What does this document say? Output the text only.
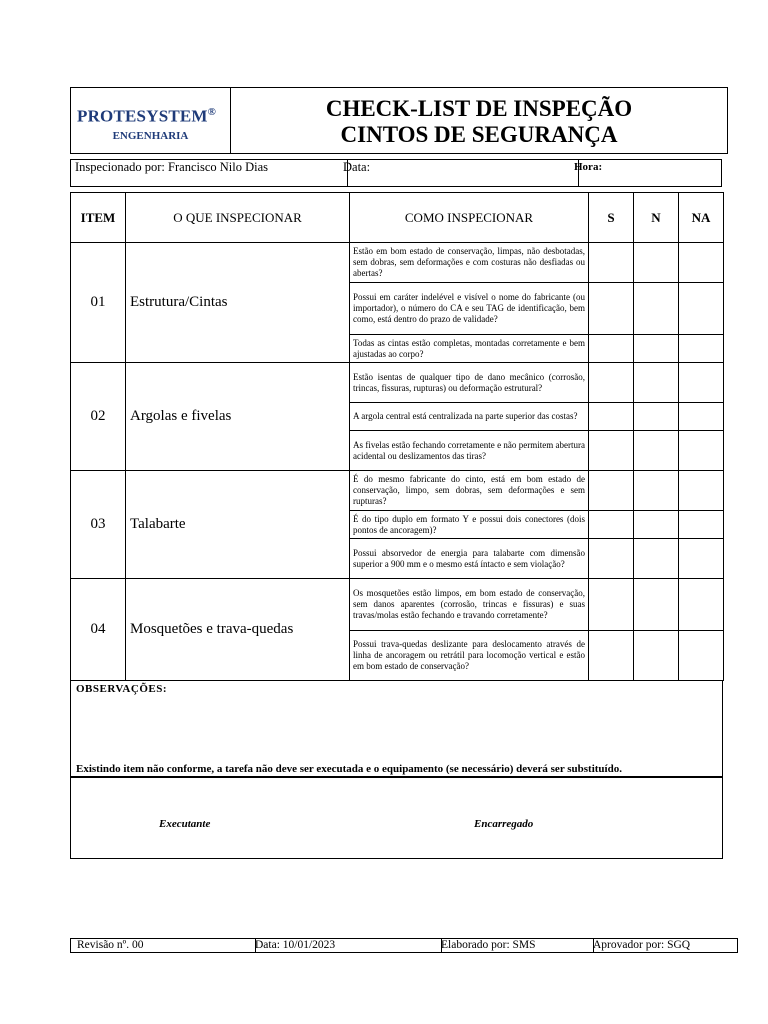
PROTESYSTEM®
ENGENHARIA
CHECK-LIST DE INSPEÇÃO
CINTOS DE SEGURANÇA
Inspecionado por: Francisco Nilo Dias	Data:	Hora:
ITEM	O QUE INSPECIONAR	COMO INSPECIONAR	S	N	NA
01	Estrutura/Cintas	Estão em bom estado de conservação, limpas, não desbotadas, sem dobras, sem deformações e com costuras não desfiadas ou abertas?			
		Possui em caráter indelével e visível o nome do fabricante (ou importador), o número do CA e seu TAG de identificação, bem como, está dentro do prazo de validade?			
		Todas as cintas estão completas, montadas corretamente e bem ajustadas ao corpo?			
02	Argolas e fivelas	Estão isentas de qualquer tipo de dano mecânico (corrosão, trincas, fissuras, rupturas) ou deformação estrutural?			
		A argola central está centralizada na parte superior das costas?			
		As fivelas estão fechando corretamente e não permitem abertura acidental ou deslizamentos das tiras?			
03	Talabarte	É do mesmo fabricante do cinto, está em bom estado de conservação, limpo, sem dobras, sem deformações e sem rupturas?			
		É do tipo duplo em formato Y e possui dois conectores (dois pontos de ancoragem)?			
		Possui absorvedor de energia para talabarte com dimensão superior a 900 mm e o mesmo está íntacto e sem violação?			
04	Mosquetões e trava-quedas	Os mosquetões estão limpos, em bom estado de conservação, sem danos aparentes (corrosão, trincas e fissuras) e suas travas/molas estão fechando e travando corretamente?			
		Possui trava-quedas deslizante para deslocamento através de linha de ancoragem ou retrátil para locomoção vertical e estão em bom estado de conservação?			
OBSERVAÇÕES:
Existindo item não conforme, a tarefa não deve ser executada e o equipamento (se necessário) deverá ser substituído.
Executante	Encarregado
Revisão nº. 00	Data: 10/01/2023	Elaborado por: SMS	Aprovador por: SGQ
